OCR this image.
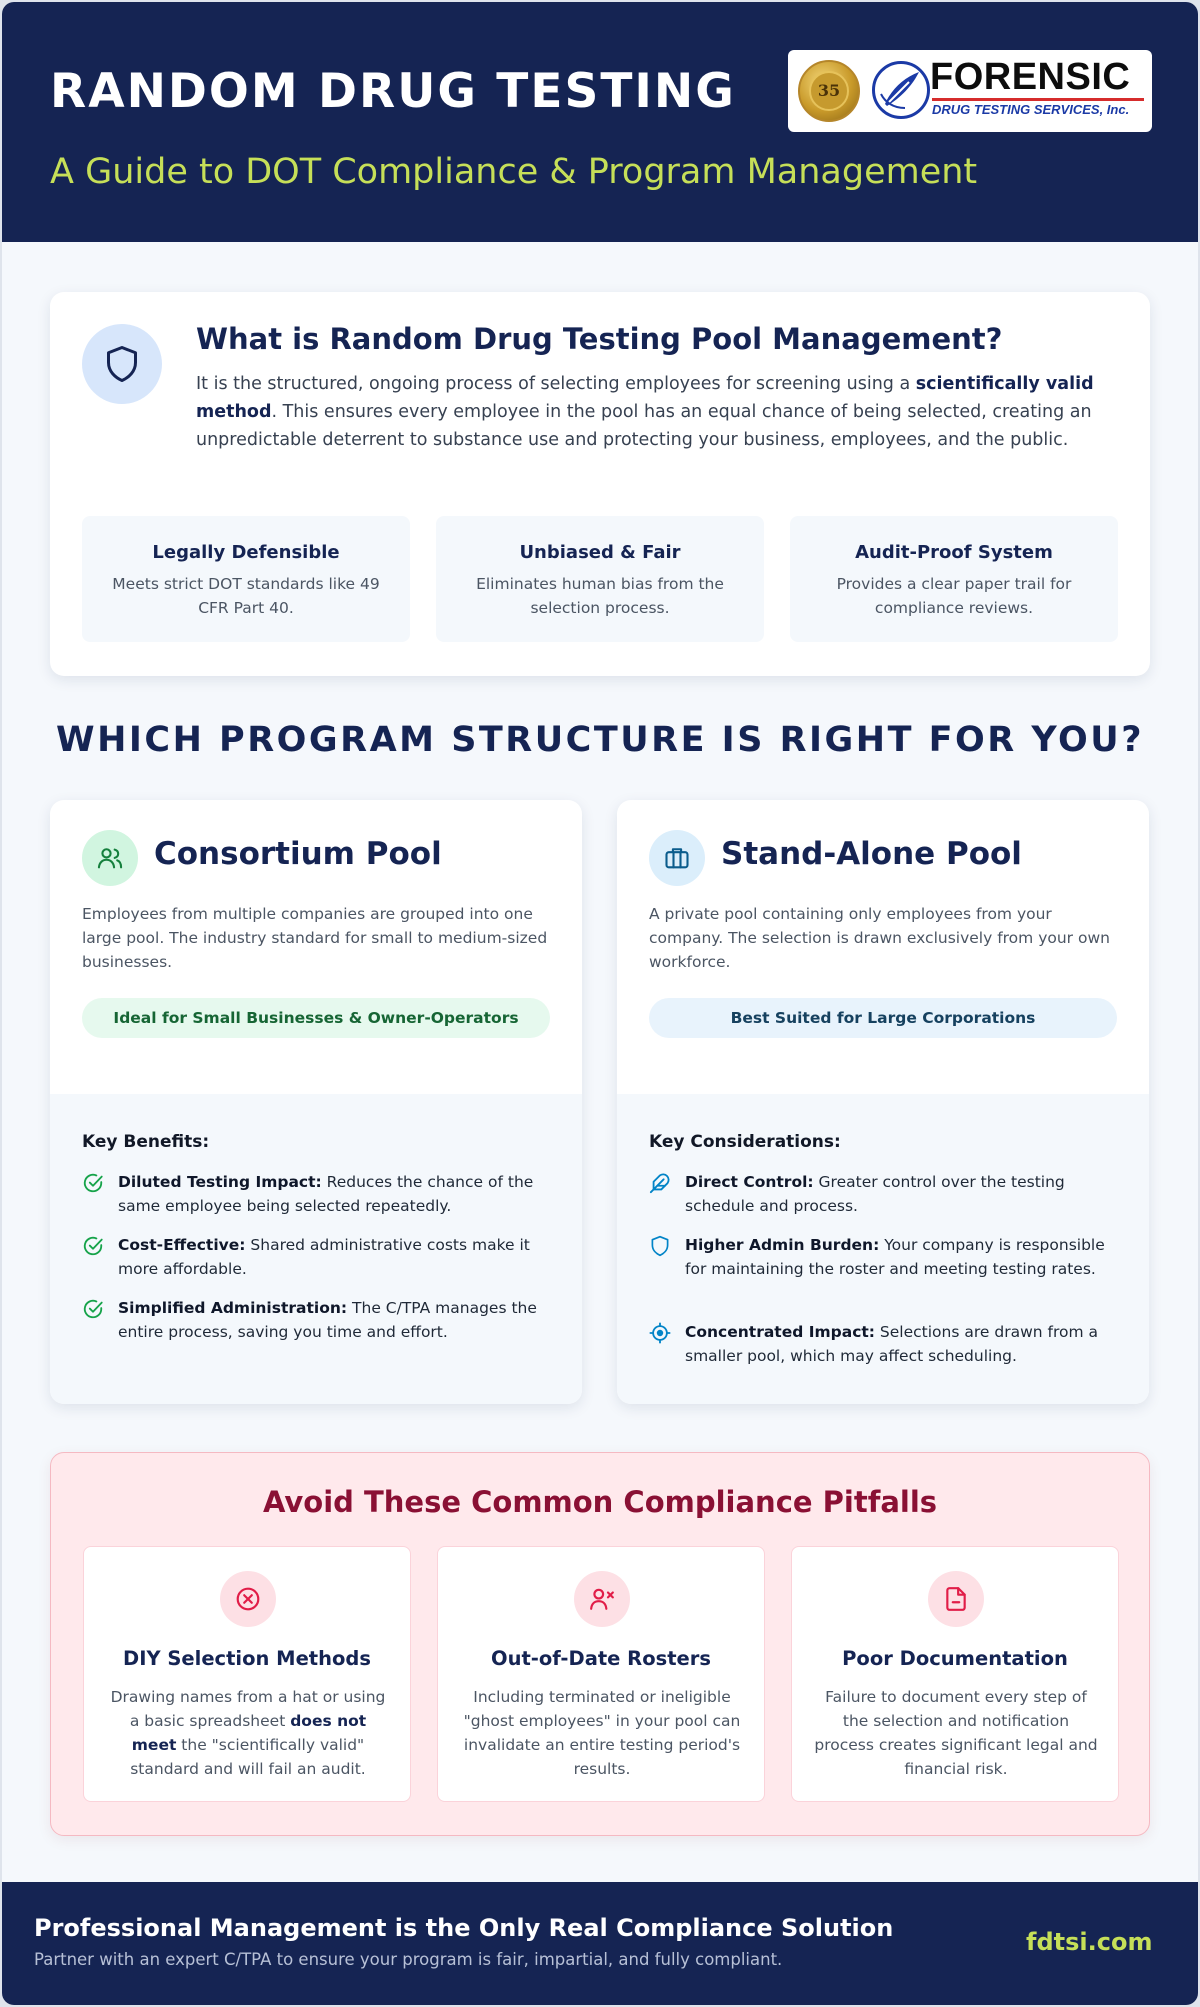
RANDOM DRUG TESTING
A Guide to DOT Compliance & Program Management
35 FORENSIC
DRUG TESTING SERVICES, Inc.
What is Random Drug Testing Pool Management?
It is the structured, ongoing process of selecting employees for screening using a scientifically valid method. This ensures every employee in the pool has an equal chance of being selected, creating an unpredictable deterrent to substance use and protecting your business, employees, and the public.
Legally Defensible
Meets strict DOT standards like 49 CFR Part 40.
Unbiased & Fair
Eliminates human bias from the selection process.
Audit-Proof System
Provides a clear paper trail for compliance reviews.
WHICH PROGRAM STRUCTURE IS RIGHT FOR YOU?
Consortium Pool
Employees from multiple companies are grouped into one large pool. The industry standard for small to medium-sized businesses.
Ideal for Small Businesses & Owner-Operators
Key Benefits:
Diluted Testing Impact: Reduces the chance of the same employee being selected repeatedly.
Cost-Effective: Shared administrative costs make it more affordable.
Simplified Administration: The C/TPA manages the entire process, saving you time and effort.
Stand-Alone Pool
A private pool containing only employees from your company. The selection is drawn exclusively from your own workforce.
Best Suited for Large Corporations
Key Considerations:
Direct Control: Greater control over the testing schedule and process.
Higher Admin Burden: Your company is responsible for maintaining the roster and meeting testing rates.
Concentrated Impact: Selections are drawn from a smaller pool, which may affect scheduling.
Avoid These Common Compliance Pitfalls
DIY Selection Methods
Drawing names from a hat or using a basic spreadsheet does not meet the "scientifically valid" standard and will fail an audit.
Out-of-Date Rosters
Including terminated or ineligible "ghost employees" in your pool can invalidate an entire testing period's results.
Poor Documentation
Failure to document every step of the selection and notification process creates significant legal and financial risk.
Professional Management is the Only Real Compliance Solution
Partner with an expert C/TPA to ensure your program is fair, impartial, and fully compliant.
fdtsi.com
